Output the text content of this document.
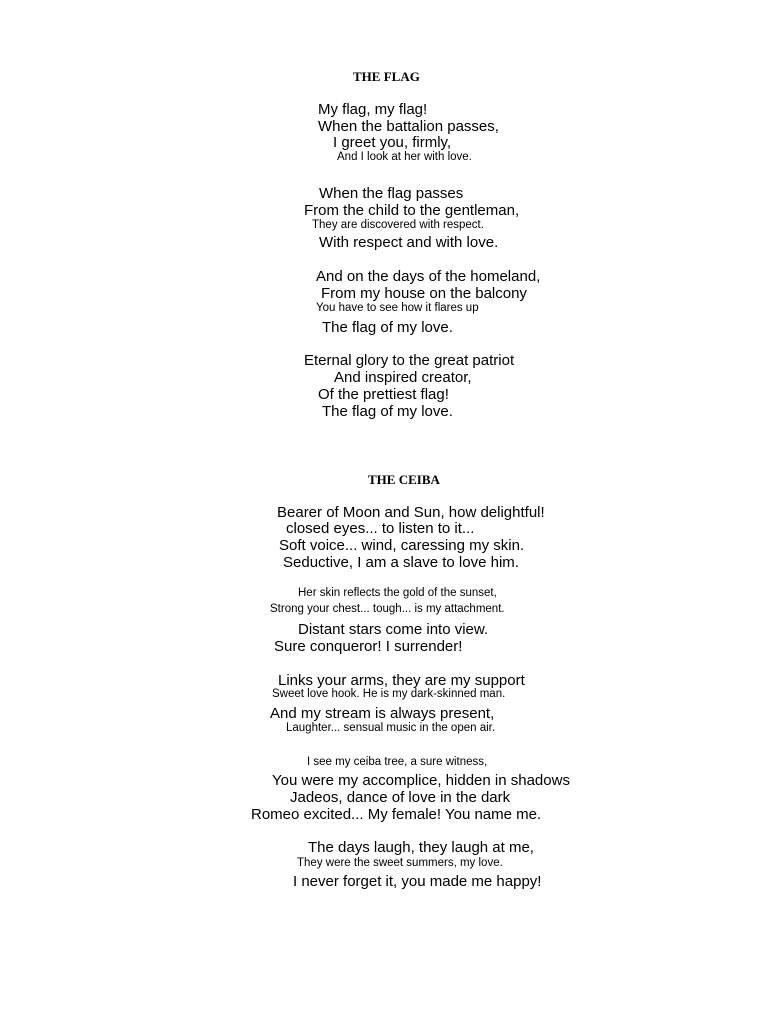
THE FLAG
My flag, my flag!
When the battalion passes,
I greet you, firmly,
And I look at her with love.
When the flag passes
From the child to the gentleman,
They are discovered with respect.
With respect and with love.
And on the days of the homeland,
From my house on the balcony
You have to see how it flares up
The flag of my love.
Eternal glory to the great patriot
And inspired creator,
Of the prettiest flag!
The flag of my love.
THE CEIBA
Bearer of Moon and Sun, how delightful!
closed eyes... to listen to it...
Soft voice... wind, caressing my skin.
Seductive, I am a slave to love him.
Her skin reflects the gold of the sunset,
Strong your chest... tough... is my attachment.
Distant stars come into view.
Sure conqueror! I surrender!
Links your arms, they are my support
Sweet love hook. He is my dark-skinned man.
And my stream is always present,
Laughter... sensual music in the open air.
I see my ceiba tree, a sure witness,
You were my accomplice, hidden in shadows
Jadeos, dance of love in the dark
Romeo excited... My female! You name me.
The days laugh, they laugh at me,
They were the sweet summers, my love.
I never forget it, you made me happy!
